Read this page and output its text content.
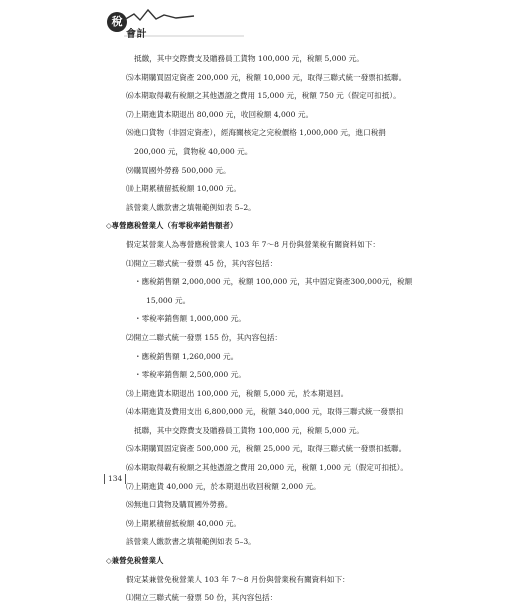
稅
會計
抵繳，其中交際費支及贈務員工貨物 100,000 元，稅額 5,000 元。
⑸本期購買固定資產 200,000 元，稅額 10,000 元，取得三聯式統一發票扣抵聯。
⑹本期取得載有稅額之其他憑證之費用 15,000 元，稅額 750 元（假定可扣抵）。
⑺上期進貨本期退出 80,000 元，收回稅額 4,000 元。
⑻進口貨物（非固定資產），經海關核定之完稅價格 1,000,000 元，進口稅捐
200,000 元，貨物稅 40,000 元。
⑼購買國外勞務 500,000 元。
⑽上期累積留抵稅額 10,000 元。
該營業人繳款書之填報範例如表 5–2。
◇專營應稅營業人（有零稅率銷售額者）
假定某營業人為專營應稅營業人 103 年 7～8 月份與營業稅有關資料如下：
⑴開立三聯式統一發票 45 份，其內容包括：
・應稅銷售額 2,000,000 元，稅額 100,000 元，其中固定資產300,000元，稅額
15,000 元。
・零稅率銷售額 1,000,000 元。
⑵開立二聯式統一發票 155 份，其內容包括：
・應稅銷售額 1,260,000 元。
・零稅率銷售額 2,500,000 元。
⑶上期進貨本期退出 100,000 元，稅額 5,000 元，於本期退回。
⑷本期進貨及費用支出 6,800,000 元，稅額 340,000 元，取得三聯式統一發票扣
抵聯，其中交際費支及贈務員工貨物 100,000 元，稅額 5,000 元。
⑸本期購買固定資產 500,000 元，稅額 25,000 元，取得三聯式統一發票扣抵聯。
⑹本期取得載有稅額之其他憑證之費用 20,000 元，稅額 1,000 元（假定可扣抵）。
⑺上期進貨 40,000 元，於本期退出收回稅額 2,000 元。
⑻無進口貨物及購買國外勞務。
⑼上期累積留抵稅額 40,000 元。
該營業人繳款書之填報範例如表 5–3。
◇兼營免稅營業人
假定某兼營免稅營業人 103 年 7～8 月份與營業稅有關資料如下：
⑴開立三聯式統一發票 50 份，其內容包括：
134
